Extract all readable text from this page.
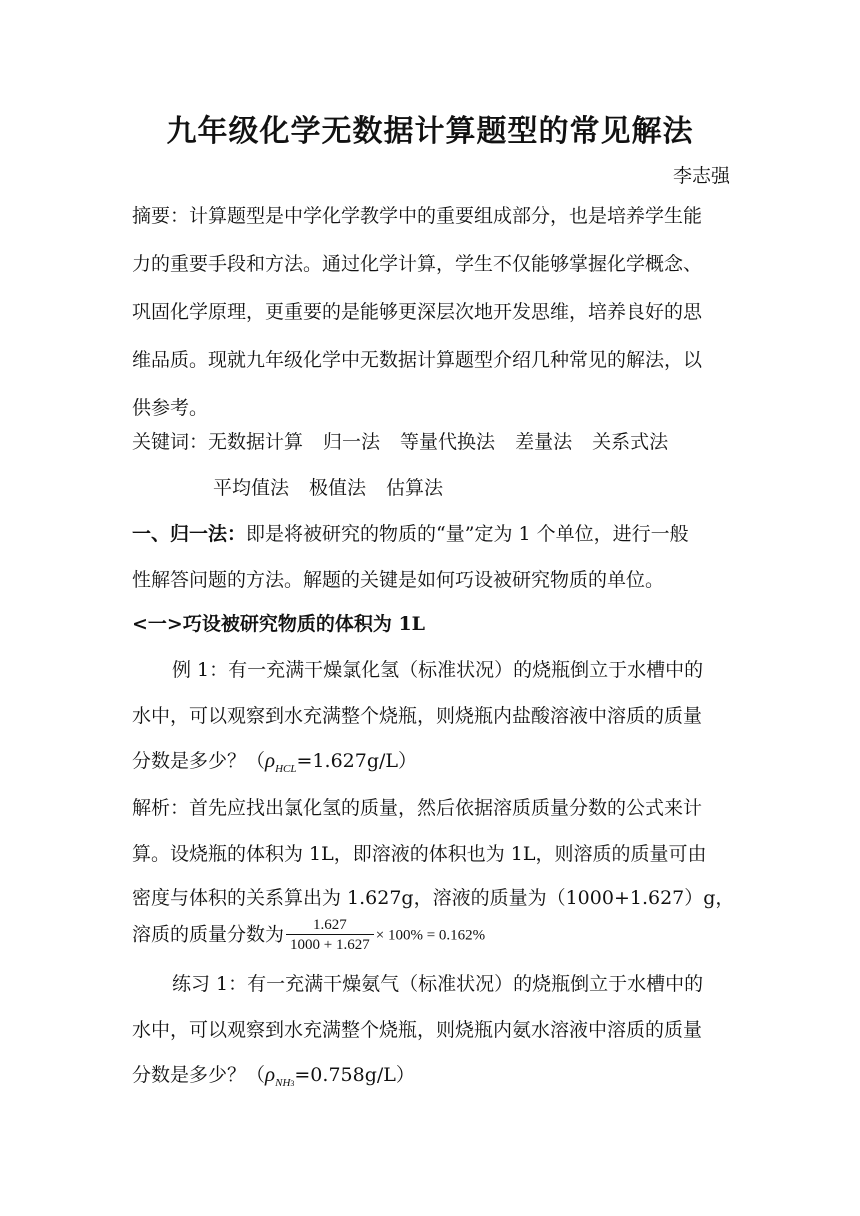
九年级化学无数据计算题型的常见解法
李志强
摘要：计算题型是中学化学教学中的重要组成部分，也是培养学生能
力的重要手段和方法。通过化学计算，学生不仅能够掌握化学概念、
巩固化学原理，更重要的是能够更深层次地开发思维，培养良好的思
维品质。现就九年级化学中无数据计算题型介绍几种常见的解法，以
供参考。
关键词：无数据计算 归一法 等量代换法 差量法 关系式法
平均值法 极值法 估算法
一、归一法：即是将被研究的物质的“量”定为 1 个单位，进行一般
性解答问题的方法。解题的关键是如何巧设被研究物质的单位。
<一>巧设被研究物质的体积为 1L
例 1：有一充满干燥氯化氢（标准状况）的烧瓶倒立于水槽中的
水中，可以观察到水充满整个烧瓶，则烧瓶内盐酸溶液中溶质的质量
分数是多少？$(\rho_{HCL}=1.627g/L)$
解析：首先应找出氯化氢的质量，然后依据溶质质量分数的公式来计
算。设烧瓶的体积为 1L，即溶液的体积也为 1L，则溶质的质量可由
密度与体积的关系算出为 1.627g，溶液的质量为（1000+1.627）g，
溶质的质量分数为 $\frac{1.627}{1000 + 1.627} \times 100\% = 0.162\%$
练习 1：有一充满干燥氨气（标准状况）的烧瓶倒立于水槽中的
水中，可以观察到水充满整个烧瓶，则烧瓶内氨水溶液中溶质的质量
分数是多少？$(\rho_{NH3}=0.758g/L)$
